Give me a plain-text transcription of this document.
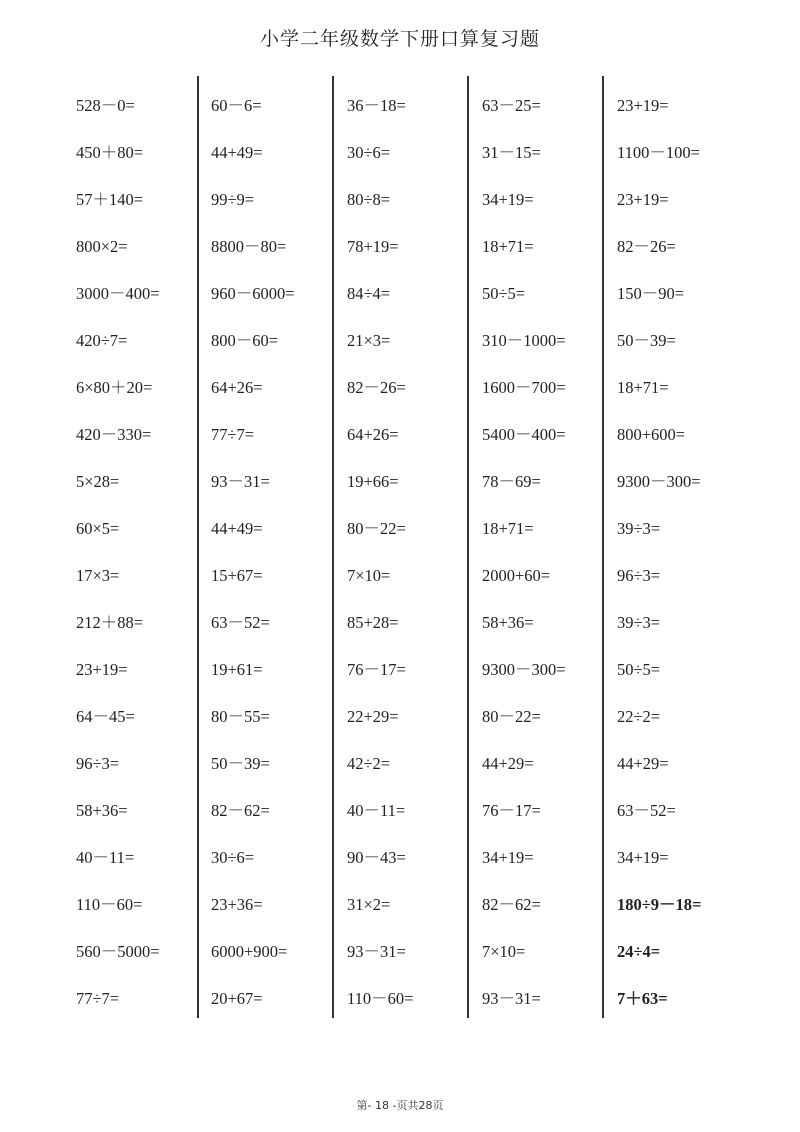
小学二年级数学下册口算复习题
528－0=
450＋80=
57＋140=
800×2=
3000－400=
420÷7=
6×80＋20=
420－330=
5×28=
60×5=
17×3=
212＋88=
23+19=
64－45=
96÷3=
58+36=
40－11=
110－60=
560－5000=
77÷7=
60－6=
44+49=
99÷9=
8800－80=
960－6000=
800－60=
64+26=
77÷7=
93－31=
44+49=
15+67=
63－52=
19+61=
80－55=
50－39=
82－62=
30÷6=
23+36=
6000+900=
20+67=
36－18=
30÷6=
80÷8=
78+19=
84÷4=
21×3=
82－26=
64+26=
19+66=
80－22=
7×10=
85+28=
76－17=
22+29=
42÷2=
40－11=
90－43=
31×2=
93－31=
110－60=
63－25=
31－15=
34+19=
18+71=
50÷5=
310－1000=
1600－700=
5400－400=
78－69=
18+71=
2000+60=
58+36=
9300－300=
80－22=
44+29=
76－17=
34+19=
82－62=
7×10=
93－31=
23+19=
1100－100=
23+19=
82－26=
150－90=
50－39=
18+71=
800+600=
9300－300=
39÷3=
96÷3=
39÷3=
50÷5=
22÷2=
44+29=
63－52=
34+19=
180÷9－18=
24÷4=
7＋63=
第- 18 -页共28页
